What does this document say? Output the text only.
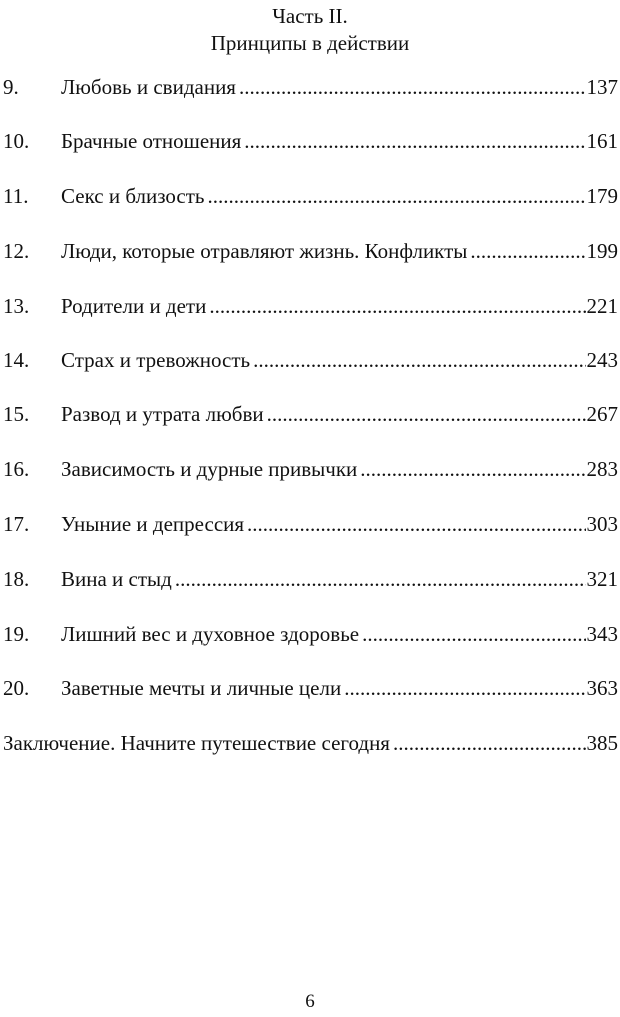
Часть II.
Принципы в действии
9.	Любовь и свидания .....	137
10.	Брачные отношения .....	161
11.	Секс и близость .....	179
12.	Люди, которые отравляют жизнь. Конфликты .....	199
13.	Родители и дети .....	221
14.	Страх и тревожность .....	243
15.	Развод и утрата любви .....	267
16.	Зависимость и дурные привычки .....	283
17.	Уныние и депрессия .....	303
18.	Вина и стыд .....	321
19.	Лишний вес и духовное здоровье .....	343
20.	Заветные мечты и личные цели .....	363
Заключение. Начните путешествие сегодня .....	385
6
